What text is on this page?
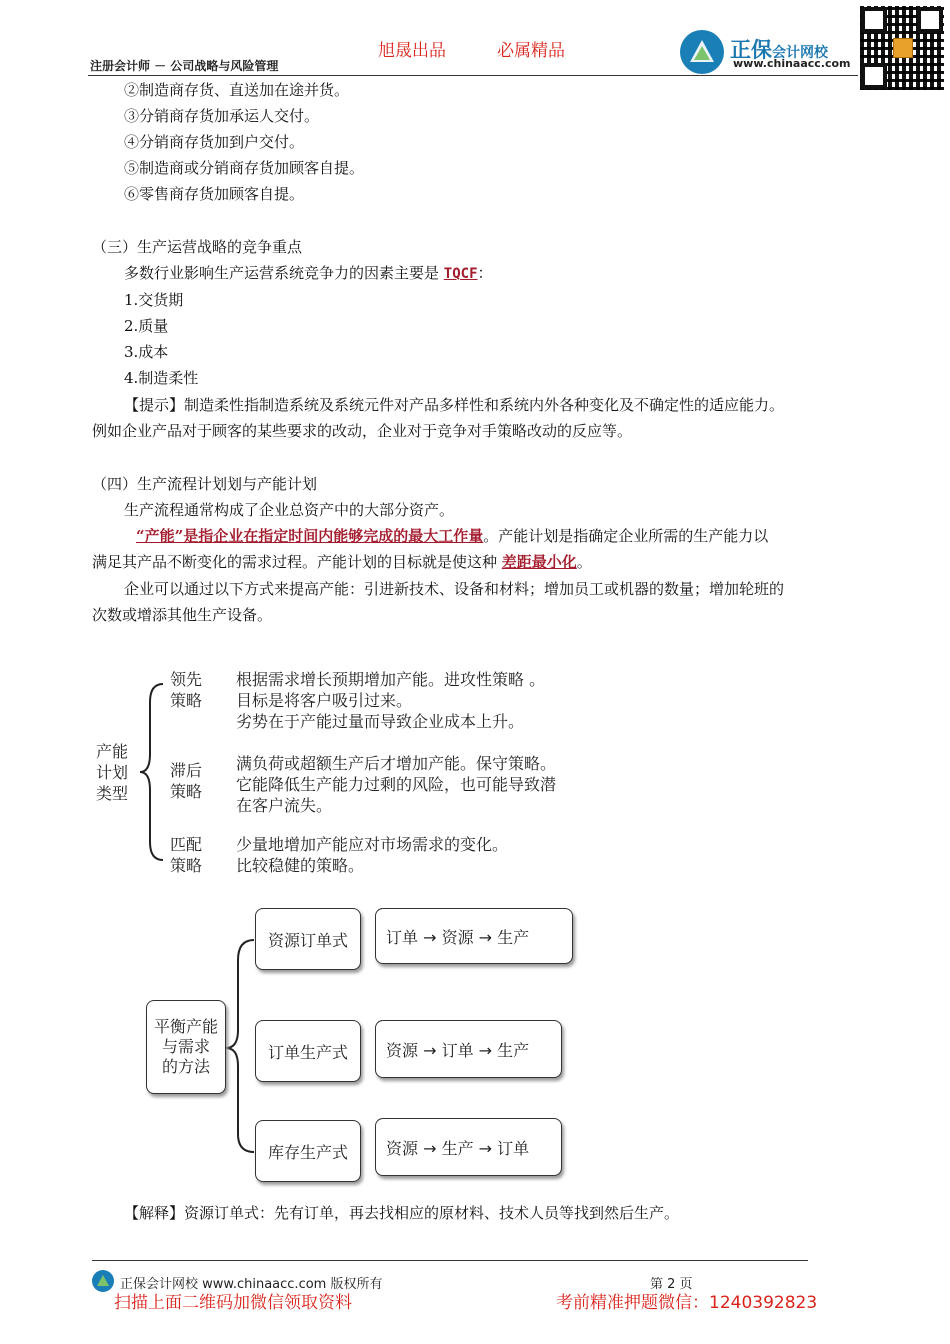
旭晟出品	必属精品
注册会计师 － 公司战略与风险管理
正保会计网校
www.chinaacc.com
②制造商存货、直送加在途并货。
③分销商存货加承运人交付。
④分销商存货加到户交付。
⑤制造商或分销商存货加顾客自提。
⑥零售商存货加顾客自提。
（三）生产运营战略的竞争重点
多数行业影响生产运营系统竞争力的因素主要是 TQCF：
1.交货期
2.质量
3.成本
4.制造柔性
【提示】制造柔性指制造系统及系统元件对产品多样性和系统内外各种变化及不确定性的适应能力。
例如企业产品对于顾客的某些要求的改动，企业对于竞争对手策略改动的反应等。
（四）生产流程计划划与产能计划
生产流程通常构成了企业总资产中的大部分资产。
“产能”是指企业在指定时间内能够完成的最大工作量。产能计划是指确定企业所需的生产能力以
满足其产品不断变化的需求过程。产能计划的目标就是使这种 差距最小化。
企业可以通过以下方式来提高产能：引进新技术、设备和材料；增加员工或机器的数量；增加轮班的
次数或增添其他生产设备。
产能
计划
类型
领先
策略
根据需求增长预期增加产能。进攻性策略 。
目标是将客户吸引过来。
劣势在于产能过量而导致企业成本上升。
滞后
策略
满负荷或超额生产后才增加产能。保守策略。
它能降低生产能力过剩的风险，也可能导致潜
在客户流失。
匹配
策略
少量地增加产能应对市场需求的变化。
比较稳健的策略。
平衡产能
与需求
的方法
资源订单式	订单 → 资源 → 生产
订单生产式	资源 → 订单 → 生产
库存生产式	资源 → 生产 → 订单
【解释】资源订单式：先有订单，再去找相应的原材料、技术人员等找到然后生产。
正保会计网校 www.chinaacc.com 版权所有	第 2 页
扫描上面二维码加微信领取资料	考前精准押题微信：1240392823
